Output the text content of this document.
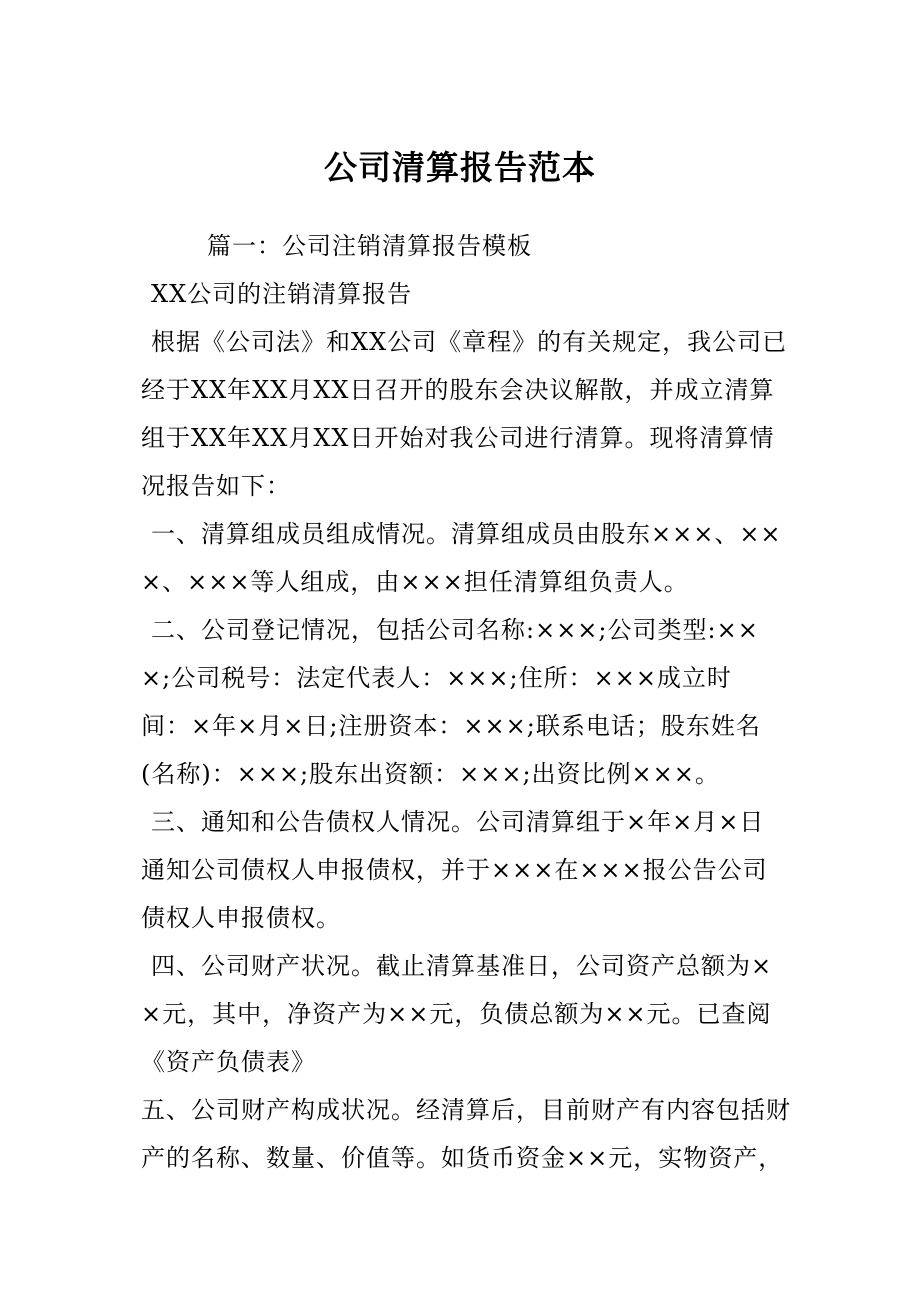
公司清算报告范本

篇一：公司注销清算报告模板

XX公司的注销清算报告

根据《公司法》和XX公司《章程》的有关规定，我公司已

经于XX年XX月XX日召开的股东会决议解散，并成立清算

组于XX年XX月XX日开始对我公司进行清算。现将清算情

况报告如下：

一、清算组成员组成情况。清算组成员由股东×××、××

×、×××等人组成，由×××担任清算组负责人。

二、公司登记情况，包括公司名称:×××;公司类型:××

×;公司税号：法定代表人：×××;住所：×××成立时

间：×年×月×日;注册资本：×××;联系电话；股东姓名

(名称)：×××;股东出资额：×××;出资比例×××。

三、通知和公告债权人情况。公司清算组于×年×月×日

通知公司债权人申报债权，并于×××在×××报公告公司

债权人申报债权。

四、公司财产状况。截止清算基准日，公司资产总额为×

×元，其中，净资产为××元，负债总额为××元。已查阅

《资产负债表》

五、公司财产构成状况。经清算后，目前财产有内容包括财

产的名称、数量、价值等。如货币资金××元，实物资产，
